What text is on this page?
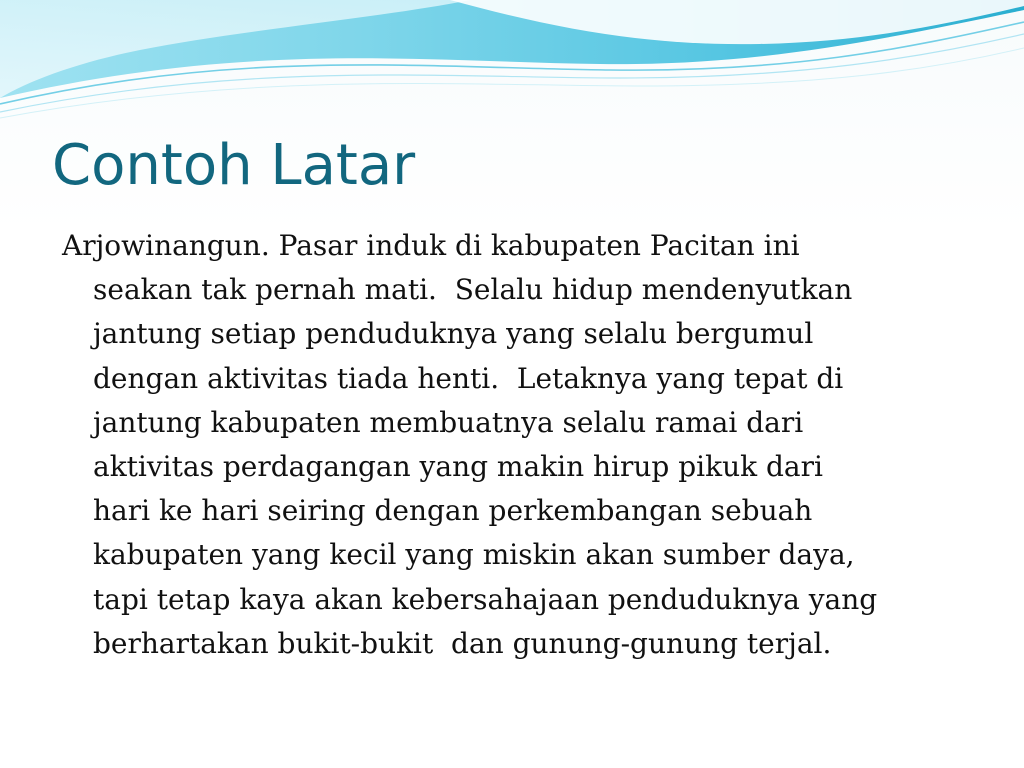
Contoh Latar

Arjowinangun. Pasar induk di kabupaten Pacitan ini
seakan tak pernah mati.  Selalu hidup mendenyutkan
jantung setiap penduduknya yang selalu bergumul
dengan aktivitas tiada henti.  Letaknya yang tepat di
jantung kabupaten membuatnya selalu ramai dari
aktivitas perdagangan yang makin hirup pikuk dari
hari ke hari seiring dengan perkembangan sebuah
kabupaten yang kecil yang miskin akan sumber daya,
tapi tetap kaya akan kebersahajaan penduduknya yang
berhartakan bukit-bukit  dan gunung-gunung terjal.
